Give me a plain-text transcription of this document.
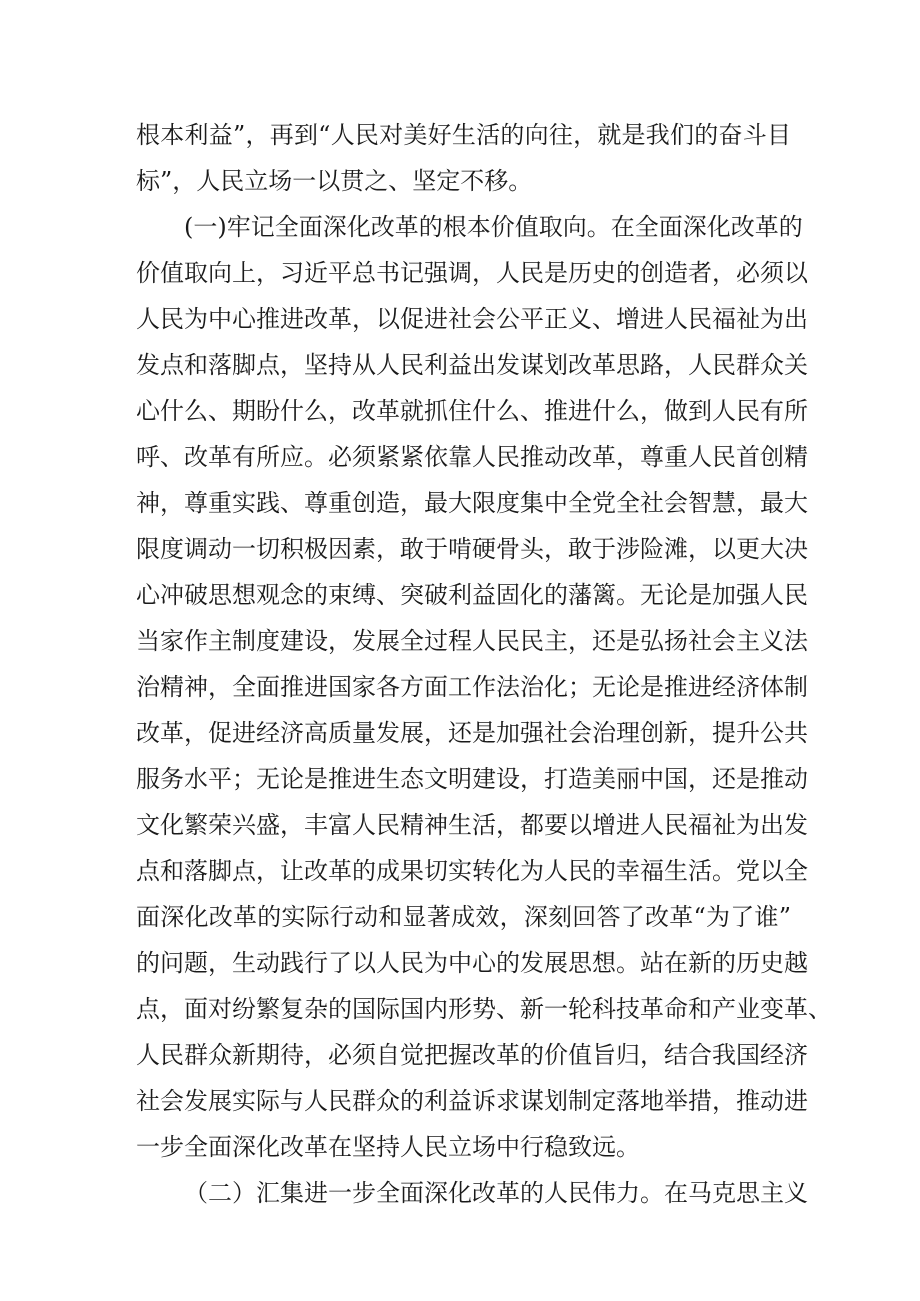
根本利益”，再到“人民对美好生活的向往，就是我们的奋斗目
标”，人民立场一以贯之、坚定不移。
(一)牢记全面深化改革的根本价值取向。在全面深化改革的
价值取向上，习近平总书记强调，人民是历史的创造者，必须以
人民为中心推进改革，以促进社会公平正义、增进人民福祉为出
发点和落脚点，坚持从人民利益出发谋划改革思路，人民群众关
心什么、期盼什么，改革就抓住什么、推进什么，做到人民有所
呼、改革有所应。必须紧紧依靠人民推动改革，尊重人民首创精
神，尊重实践、尊重创造，最大限度集中全党全社会智慧，最大
限度调动一切积极因素，敢于啃硬骨头，敢于涉险滩，以更大决
心冲破思想观念的束缚、突破利益固化的藩篱。无论是加强人民
当家作主制度建设，发展全过程人民民主，还是弘扬社会主义法
治精神，全面推进国家各方面工作法治化；无论是推进经济体制
改革，促进经济高质量发展，还是加强社会治理创新，提升公共
服务水平；无论是推进生态文明建设，打造美丽中国，还是推动
文化繁荣兴盛，丰富人民精神生活，都要以增进人民福祉为出发
点和落脚点，让改革的成果切实转化为人民的幸福生活。党以全
面深化改革的实际行动和显著成效，深刻回答了改革“为了谁”
的问题，生动践行了以人民为中心的发展思想。站在新的历史越
点，面对纷繁复杂的国际国内形势、新一轮科技革命和产业变革、
人民群众新期待，必须自觉把握改革的价值旨归，结合我国经济
社会发展实际与人民群众的利益诉求谋划制定落地举措，推动进
一步全面深化改革在坚持人民立场中行稳致远。
（二）汇集进一步全面深化改革的人民伟力。在马克思主义
